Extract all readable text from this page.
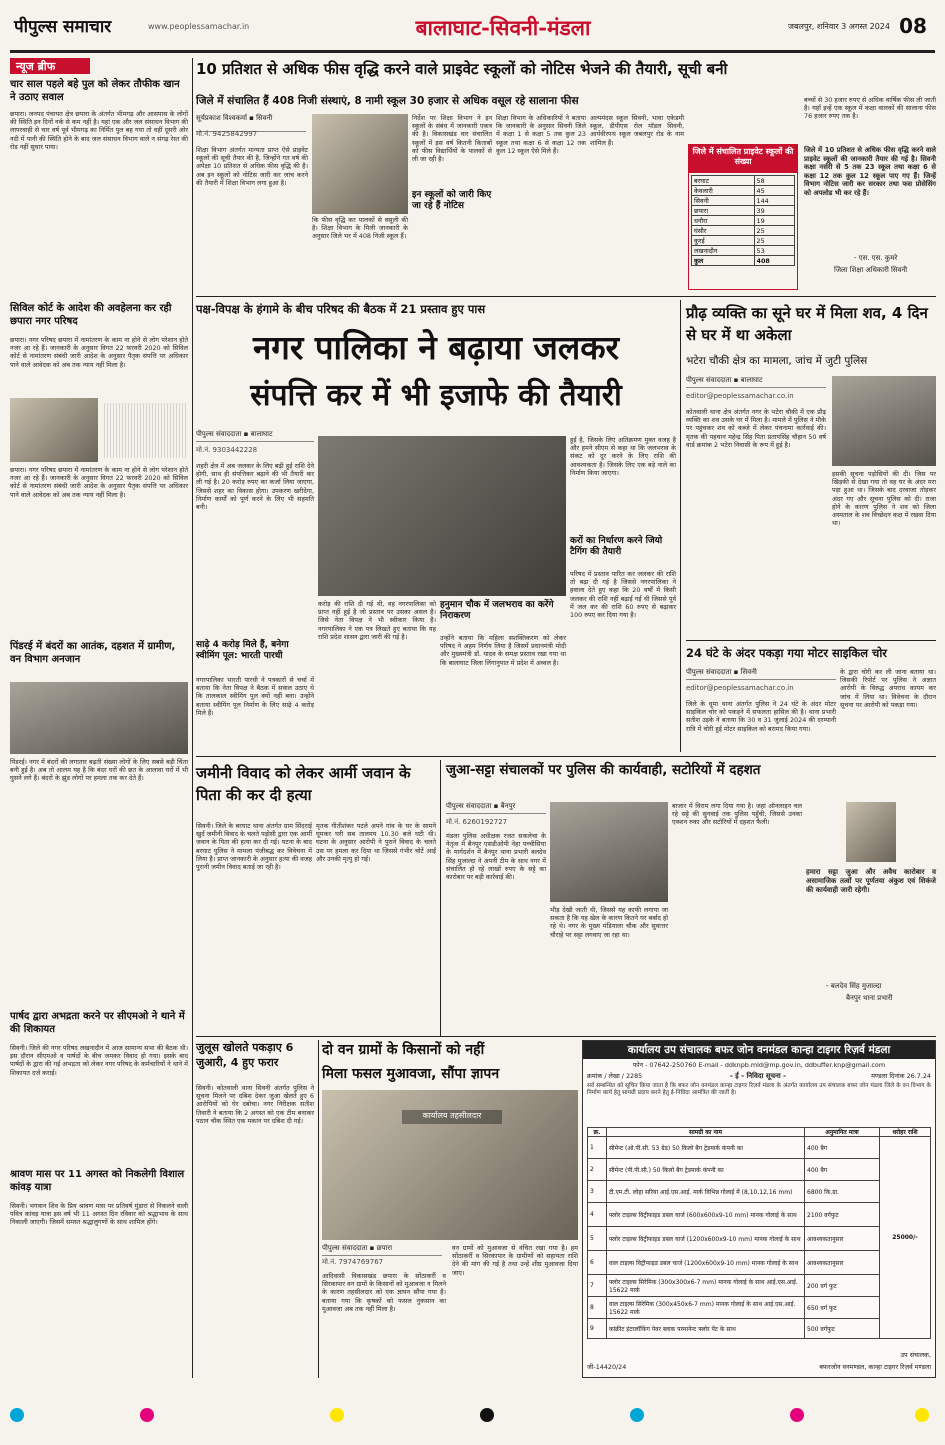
पीपुल्स समाचार	www.peoplessamachar.in	बालाघाट-सिवनी-मंडला	जबलपुर, शनिवार 3 अगस्त 2024 08
न्यूज ब्रीफ
चार साल पहले बहे पुल को लेकर तौफीक खान ने उठाए सवाल
छपारा। जनपद पंचायत क्षेत्र छपारा के अंतर्गत भीमगढ़ और आसपास के लोगों की स्थिति इन दिनों नर्क से कम नहीं है। यहां एक और जल संसाधन विभाग की लापरवाही से चार वर्ष पूर्व भीमगढ़ का निर्मित पुल बह गया तो वहीं दूसरी ओर नदी में पानी की स्थिति होने के बाद जल संसाधन विभाग वाले न संगढ़ रेस्त की रोड नहीं सुधार पाया।
सिविल कोर्ट के आदेश की अवहेलना कर रही छपारा नगर परिषद
छपारा। नगर परिषद छपारा में नामांतरण के काम ना होने से लोग परेशान होते नजर आ रहे हैं। जानकारी के अनुसार विगत 22 फरवरी 2020 को सिविल कोर्ट से नामांतरण संबंधी जारी आदेश के अनुसार पैतृक संपत्ति पर अधिकार पाने वाले आवेदक को अब तक न्याय नहीं मिला है।
छपारा। नगर परिषद छपारा में नामांतरण के काम ना होने से लोग परेशान होते नजर आ रहे हैं। जानकारी के अनुसार विगत 22 फरवरी 2020 को सिविल कोर्ट से नामांतरण संबंधी जारी आदेश के अनुसार पैतृक संपत्ति पर अधिकार पाने वाले आवेदक को अब तक न्याय नहीं मिला है।
पिंडरई में बंदरों का आतंक, दहशत में ग्रामीण, वन विभाग अनजान
पिंडरई। नगर में बंदरों की लगातार बढ़ती संख्या लोगों के लिए सबसे बड़ी चिंता बनी हुई है। अब तो आलम यह है कि बंदर घरों की छत के आलावा घरों में भी घुसने लगे हैं। बंदरों के झुंड लोगों पर हमला तक कर देते हैं।
पार्षद द्वारा अभद्रता करने पर सीएमओ ने थाने में की शिकायत
सिवनी। जिले की नगर परिषद लखनादौन में आज सामान्य सभा की बैठक थी। इस दौरान सीएमओ व पार्षदों के बीच जमकर विवाद हो गया। इसके बाद पार्षदों के द्वारा की गई अभद्रता को लेकर नगर परिषद के कर्मचारियों ने थाने में शिकायत दर्ज कराई।
श्रावण मास पर 11 अगस्त को निकलेगी विशाल कांवड़ यात्रा
सिवनी। भगवान शिव के प्रिय श्रावण मास पर प्रतिवर्ष मुंडारा से निकलने वाली पवित्र कांवड़ यात्रा इस वर्ष भी 11 अगस्त दिन रविवार को श्रद्धाभाव के साथ निकाली जाएगी। जिसमें समस्त श्रद्धालुगणों के साथ शामिल होंगे।
10 प्रतिशत से अधिक फीस वृद्धि करने वाले प्राइवेट स्कूलों को नोटिस भेजने की तैयारी, सूची बनी
जिले में संचालित हैं 408 निजी संस्थाएं, 8 नामी स्कूल 30 हजार से अधिक वसूल रहे सालाना फीस
सूर्यप्रकाश विश्वकर्मा ▪ सिवनी
मो.नं. 9425842997
शिक्षा विभाग अंतर्गत मान्यता प्राप्त ऐसे प्राइवेट स्कूलों की सूची तैयार की है, जिन्होंने गत वर्ष की अपेक्षा 10 प्रतिशत से अधिक फीस वृद्धि की है। अब इन स्कूलों को नोटिस जारी कर जांच करने की तैयारी में शिक्षा विभाग लगा हुआ है।
कि फीस वृद्धि कर पालकों से वसूली की है। शिक्षा विभाग के मिली जानकारी के अनुसार जिले भर में 408 निजी स्कूल हैं।
निर्देश पर शिक्षा विभाग ने इन स्कूलों के संबंध में जानकारी एकत्र की है। विकासखंड वार संचालित स्कूलों में इस वर्ष कितनी किताबों को फीस विद्यार्थियों के पालकों से ली जा रही है।
इन स्कूलों को जारी किए जा रहे हैं नोटिस
शिक्षा विभाग के अधिकारियों ने बताया कि जानकारी के अनुसार सिवनी जिले में कक्षा 1 से कक्षा 5 तक कुल 23 स्कूल तथा कक्षा 6 से कक्षा 12 तक कुल 12 स्कूल ऐसे मिले हैं।
अल्पमंदस स्कूल सिवनी, भावा एकेडमी स्कूल, डीपीएस रोल मॉडल सिवनी, आर्यवीरपथ स्कूल जबलपुर रोड के नाम शामिल हैं।
जिले में संचालित प्राइवेट स्कूलों की संख्या
बरघाट	58
केवलारी	45
सिवनी	144
छपारा	39
धनौरा	19
घंसौर	25
कुरई	25
लखनादौन	53
कुल	408
बच्चों से 30 हजार रुपए से अधिक वार्षिक फीस ली जाती है। यहाँ इन्हें एक स्कूल में कक्षा वालकों की सालाना फीस 76 हजार रुपए तक है।
जिले में 10 प्रतिशत से अधिक फीस वृद्धि करने वाले प्राइवेट स्कूलों की जानकारी तैयार की गई है। सिवनी कक्षा नर्सरी से 5 तक 23 स्कूल तथा कक्षा 6 से कक्षा 12 तक कुल 12 स्कूल पाए गए हैं। जिन्हें विभाग नोटिस जारी कर सरकार तथा फस प्रोसेसिंग को अपलोड भी कर रहे हैं।
- एस. एस. कुमरे
जिला शिक्षा अधिकारी सिवनी
पक्ष-विपक्ष के हंगामे के बीच परिषद की बैठक में 21 प्रस्ताव हुए पास
नगर पालिका ने बढ़ाया जलकर
संपत्ति कर में भी इजाफे की तैयारी
पीपुल्स संवाददाता ▪ बालाघाट
मो.नं. 9303442228
शहरी क्षेत्र में अब जलकर के लिए बढ़ी हुई राशि देने होगी, साथ ही संपत्तिकर बढ़ाने की भी तैयारी कर ली गई है। 20 करोड़ रुपए का कर्जा लिया जाएगा, जिससे शहर का विकास होगा। उपकरण खरीदेगा, निर्माण कार्यों को पूर्ण करने के लिए भी सहमति बनी।
साढ़े 4 करोड़ मिले हैं, बनेगा स्वीमिंग पूल: भारती पारधी
नगरपालिका भारती पारधी ने पत्रकारों से चर्चा में बताया कि नेता विपक्ष ने बैठक में सवाल उठाए थे कि तालकाल स्वीमिंग पूल क्यों नहीं बना। उन्होंने बताया स्वीमिंग पूल निर्माण के लिए साढ़े 4 करोड़ मिले हैं।
करोड़ की राशि दी गई थी, वह नगरपालिका को प्राप्त नहीं हुई है जो प्रस्ताव पर उसका असल है। जिसे नेता विपक्ष ने भी स्वीकार किया है। नगरपालिका ने एक पत्र लिखते हुए बताया कि यह राशि प्रदेश शासन द्वारा जारी की गई है।
हनुमान चौक में जलभराव का करेंगे निराकरण
उन्होंने बताया कि महिला सशक्तिकरण को लेकर परिषद ने अहम निर्णय लिया है जिसमें प्रधानमंत्री मोदी और मुख्यमंत्री डॉ. यादव के समक्ष प्रस्ताव रखा गया था कि बालाघाट जिला लिंगानुपात में प्रदेश में अव्वल है।
हुई है, जिसके लिए अतिक्रमण मुक्त वजह है और हमने सीएम से कहा था कि जलभराव के संकट को दूर करने के लिए राशि की आवश्यकता है। जिसके लिए एक बड़े नाले का निर्माण किया जाएगा।
करों का निर्धारण करने जियो टैगिंग की तैयारी
परिषद में प्रस्ताव पारित कर जलकर की राशि तो बढ़ा दी गई है जिससे नगरपालिका ने हवाला देते हुए कहा कि 20 वर्षों में किसी जलकर की राशि नहीं बढ़ाई गई थी जिससे पूर्व में जल कर की राशि 60 रुपए से बढ़ाकर 100 रुपए कर दिया गया है।
प्रौढ़ व्यक्ति का सूने घर में मिला शव, 4 दिन से घर में था अकेला
भटेरा चौकी क्षेत्र का मामला, जांच में जुटी पुलिस
पीपुल्स संवाददाता ▪ बालाघाट
editor@peoplessamachar.co.in
कोतवाली थाना क्षेत्र अंतर्गत नगर के भटेरा चौकी में एक प्रौढ़ व्यक्ति का शव उसके घर में मिला है। मामले में पुलिस ने मौके पर पहुंचकर शव को कब्जे में लेकर पंचनामा कार्रवाई की। मृतक की पहचान महेन्द्र सिंह पिता प्रतापसिंह चौहान 50 वर्ष वार्ड क्रमांक 2 भटेरा निवासी के रूप में हुई है।
इसकी सूचना पड़ोसियों की दी। जिस पर खिड़की से देखा गया तो वह घर के अंदर मरा पड़ा हुआ था। जिसके बाद दरवाजा तोड़कर अंदर गए और सूचना पुलिस को दी। राजा होने के कारण पुलिस ने शव को जिला अस्पताल के शव विच्छेदन कक्ष में रखवा दिया था।
24 घंटे के अंदर पकड़ा गया मोटर साइकिल चोर
पीपुल्स संवाददाता ▪ सिवनी
editor@peoplessamachar.co.in
जिले के धूमा थाना अंतर्गत पुलिस ने 24 घंटे के अंदर मोटर साइकिल चोर को पकड़ने में सफलता हासिल की है। थाना प्रभारी सतीश उइके ने बताया कि 30 व 31 जुलाई 2024 की दरम्यानी रात्रि में चोरी हुई मोटर साइकिल को बरामद किया गया।
के द्वारा चोरी कर ली जाना बताया था। जिसकी रिपोर्ट पर पुलिस ने अज्ञात आरोपी के विरुद्ध अपराध कायम कर जांच में लिया था। विवेचना के दौरान सूचना पर आरोपी को पकड़ा गया।
जमीनी विवाद को लेकर आर्मी जवान के पिता की कर दी हत्या
सिवनी। जिले के बरघाट थाना अंतर्गत ग्राम सिंदराई खुर्द जमीनी विवाद के चलते पड़ोसी द्वारा एक आर्मी जवान के पिता की हत्या कर दी गई। घटना के बाद बरघाट पुलिस ने मामला पंजीबद्ध कर विवेचना में लिया है। प्राप्त जानकारी के अनुसार हत्या की वजह पुरानी जमीन विवाद बताई जा रही है।
मृतक गीतीशंकर पटले अपने गांव के घर के सामने घूमकर घरी सब तालमय 10.30 बजे घटी थी। घटना के अनुसार आरोपी ने पुराने विवाद के चलते उस पर हमला कर दिया था जिससे गंभीर चोटें आईं और उनकी मृत्यु हो गई।
जुआ-सट्टा संचालकों पर पुलिस की कार्यवाही, सटोरियों में दहशत
पीपुल्स संवाददाता ▪ बैनपुर
मो.नं. 6260192727
मंडला पुलिस अधीक्षक रजत सकलेचा के नेतृत्व में बैनपुर एसडीओपी नेहा पच्चीसिया के मार्गदर्शन में बैनपुर थाना प्रभारी बलदेव सिंह मुजाल्दा ने अपनी टीम के साथ नगर में संचालित हो रहे लाखों रुपए के सट्टे का कारोबार पर बड़ी कार्रवाई की।
भीड़ देखी जाती थी, जिससे यह काफी लगाया जा सकता है कि यह खेल के कारण कितने घर बर्बाद हो रहे थे। नगर के मुख्य मंडियाला चौक और सुवात्तर चौराहे पर सट्टा लगवाए जा रहा था।
बाजार में विराम लगा दिया गया है। जहां ऑनलाइन चल रहे सट्टे की सुनवाई तक पुलिस पहुँची, जिससे उनका एक्शन रुका और सटोरियों में दहशत फैली।
हमारा सट्टा जुआ और अवैध कारोबार व असामाजिक तत्वों पर पूर्णतया अंकुश एवं शिकंजे की कार्यवाही जारी रहेगी।
- बलदेव सिंह मुजाल्दा
बैनपुर थाना प्रभारी
जुलूस खोलते पकड़ाए 6 जुआरी, 4 हुए फरार
सिवनी। कोतवाली थाना सिवनी अंतर्गत पुलिस ने सूचना मिलने पर दबिश देकर जुआ खेलते हुए 6 आरोपियों को घेर दबोचा। नगर निरीक्षक सतीश तिवारी ने बताया कि 2 अगस्त को एक टीम बनाकर पठान चौक स्थित एक मकान पर दबिश दी गई।
दो वन ग्रामों के किसानों को नहीं
मिला फसल मुआवजा, सौंपा ज्ञापन
कार्यालय तहसीलदार
पीपुल्स संवाददाता ▪ छपारा
मो.नं. 7974769767
आदिवासी विकासखंड छपारा के सोंठाकर्री व सिरकापार वन ग्रामों के किसानों को मुआवजा न मिलने के कारण तहसीलदार को एक ज्ञापन सौंपा गया है। बताया गया कि कृषकों को फसल नुकसान का मुआवजा अब तक नहीं मिला है।
वन ग्रामों को मुआवजा से वंचित रखा गया है। हम सोंठाकर्री व सिरकापार के ग्रामीणों को सहायता राशि देने की मांग की गई है तथा उन्हें शीघ्र मुआवजा दिया जाए।
कार्यालय उप संचालक बफर जोन वनमंडल कान्हा टाइगर रिज़र्व मंडला
फोन - 07642-250760 E-mail - ddknpb.mld@mp.gov.in, ddbuffer.knp@gmail.com
क्रमांक / लेखा / 2285	- ई - निविदा सूचना -	मण्डला दिनांक 26.7.24
सर्व सम्बन्धित को सूचित किया जाता है कि बफर जोन वनमंडल कान्हा टाइगर रिज़र्व मंडला के अंतर्गत कार्यालय उप संचालक बफर जोन मंडला जिले के वन विभाग के निर्माण कार्य हेतु सामग्री प्रदाय करने हेतु ई-निविदा आमंत्रित की जाती है।
क्र.	सामग्री का नाम	अनुमानित मात्रा	धरोहर राशि
1	सीमेन्ट (ओ.पी.सी. 53 ग्रेड) 50 किलो बैग ट्रेडमार्क कंपनी का	400 बैग	25000/-
2	सीमेन्ट (पी.पी.सी.) 50 किलो बैग ट्रेडमार्क कंपनी का	400 बैग	
3	टी.एम.टी. लोहा सरिया आई.एस.आई. मार्क विभिन्न गोलाई में (8,10,12,16 mm)	6800 कि.ग्रा.	
4	फ्लोर टाइल्स विट्रीफाइड डबल चार्ज (600x600x9-10 mm) मानक गोलाई के साथ	2100 वर्गफुट	
5	फ्लोर टाइल्स विट्रीफाइड डबल चार्ज (1200x600x9-10 mm) मानक गोलाई के साथ	आवश्यकतानुसार	
6	वाल टाइल्स विट्रीफाइड डबल चार्ज (1200x600x9-10 mm) मानक गोलाई के साथ	आवश्यकतानुसार	
7	फ्लोर टाइल्स सिरेमिक (300x300x6-7 mm) मानक गोलाई के साथ आई.एस.आई. 15622 मार्क	200 वर्ग फुट	
8	वाल टाइल्स सिरेमिक (300x450x6-7 mm) मानक गोलाई के साथ आई.एस.आई. 15622 मार्क	650 वर्ग फुट	
9	कांक्रीट इंटरलॉकिंग पेवर ब्लाक परमानेन्ट फ्लोर पेंट के साथ	500 वर्गफुट	
जी-14420/24
उप संचालक,
बफरजोन वनमण्डल, कान्हा टाइगर रिज़र्व मण्डला
